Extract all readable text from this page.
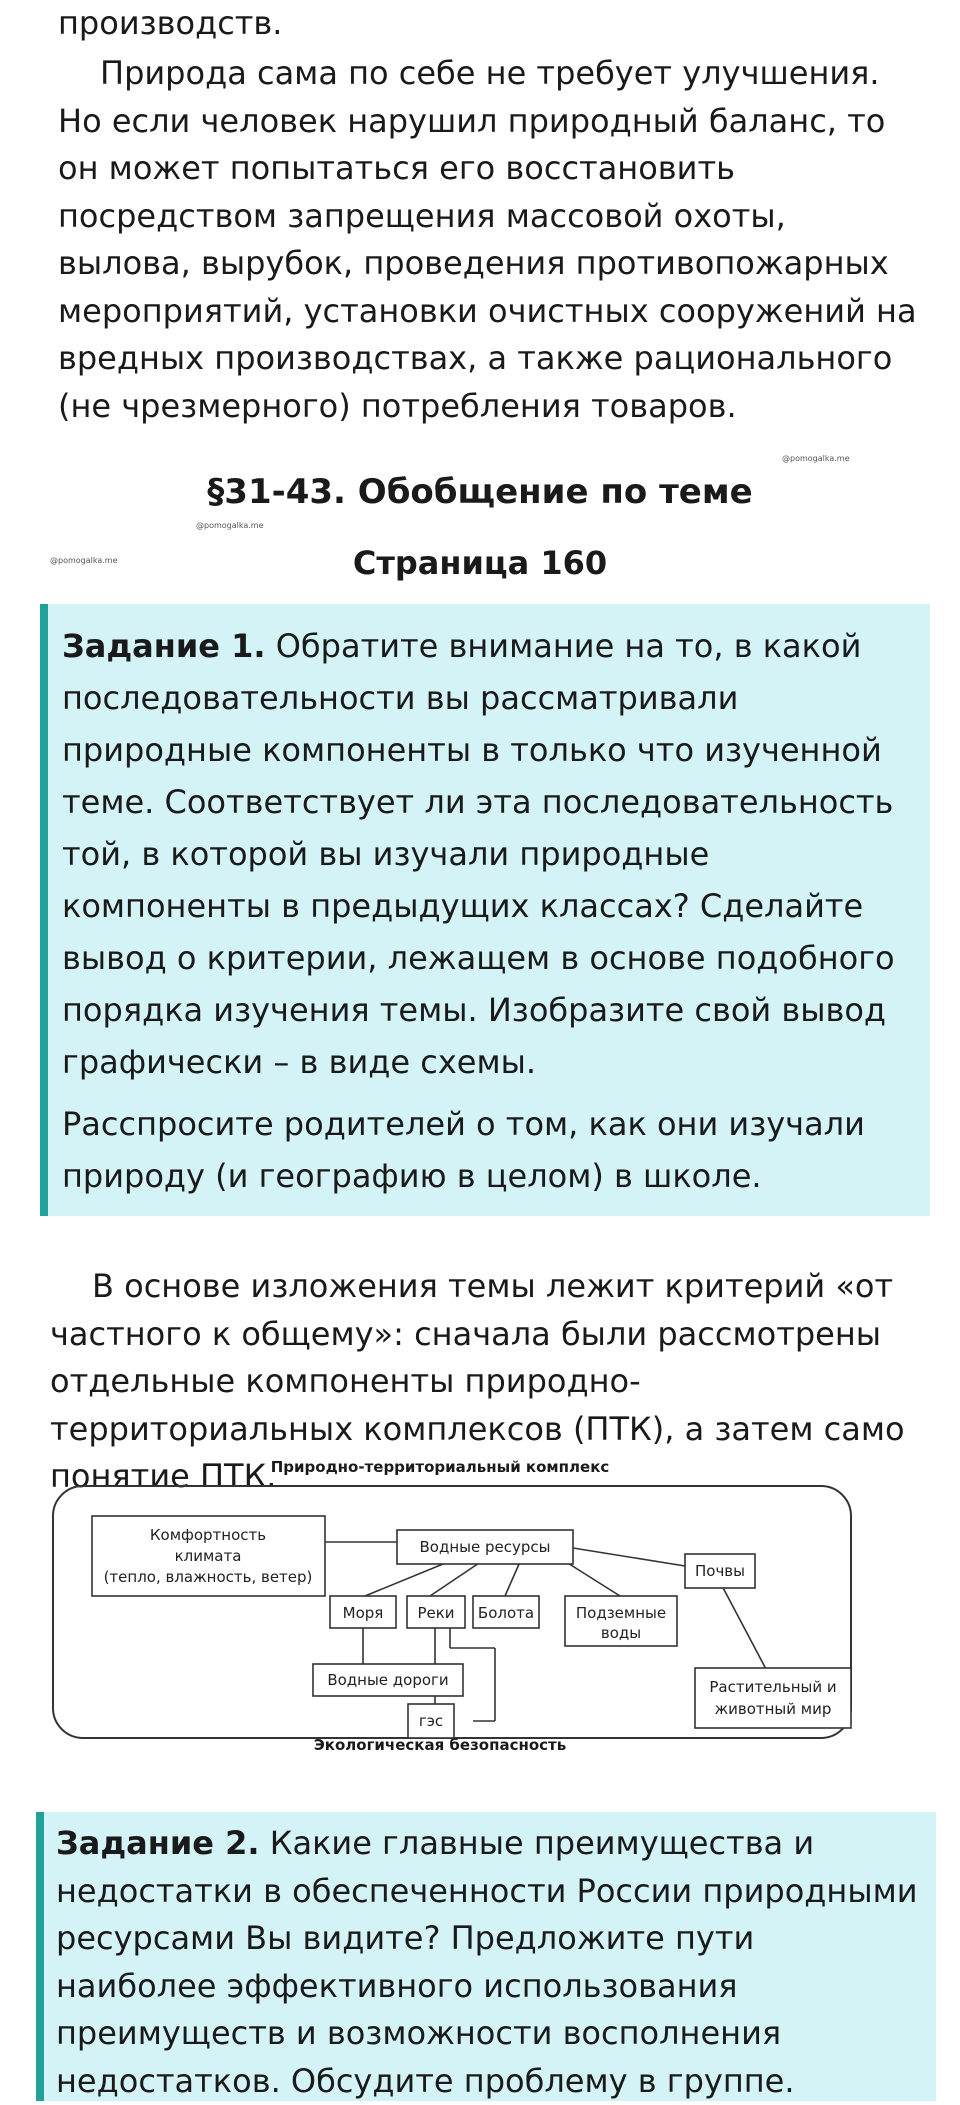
производств.

Природа сама по себе не требует улучшения. Но если человек нарушил природный баланс, то он может попытаться его восстановить посредством запрещения массовой охоты, вылова, вырубок, проведения противопожарных мероприятий, установки очистных сооружений на вредных производствах, а также рационального (не чрезмерного) потребления товаров.

@pomogalka.me
§31-43. Обобщение по теме
@pomogalka.me
@pomogalka.me	Страница 160

Задание 1. Обратите внимание на то, в какой последовательности вы рассматривали природные компоненты в только что изученной теме. Соответствует ли эта последовательность той, в которой вы изучали природные компоненты в предыдущих классах? Сделайте вывод о критерии, лежащем в основе подобного порядка изучения темы. Изобразите свой вывод графически – в виде схемы.

Расспросите родителей о том, как они изучали природу (и географию в целом) в школе.

В основе изложения темы лежит критерий «от частного к общему»: сначала были рассмотрены отдельные компоненты природно-территориальных комплексов (ПТК), а затем само понятие ПТК.

Природно-территориальный комплекс
Комфортность
климата
(тепло, влажность, ветер)
Водные ресурсы
Почвы
Моря Реки Болота	Подземные
воды
Водные дороги
гэс
Растительный и
животный мир
Экологическая безопасность

Задание 2. Какие главные преимущества и недостатки в обеспеченности России природными ресурсами Вы видите? Предложите пути наиболее эффективного использования преимуществ и возможности восполнения недостатков. Обсудите проблему в группе.
